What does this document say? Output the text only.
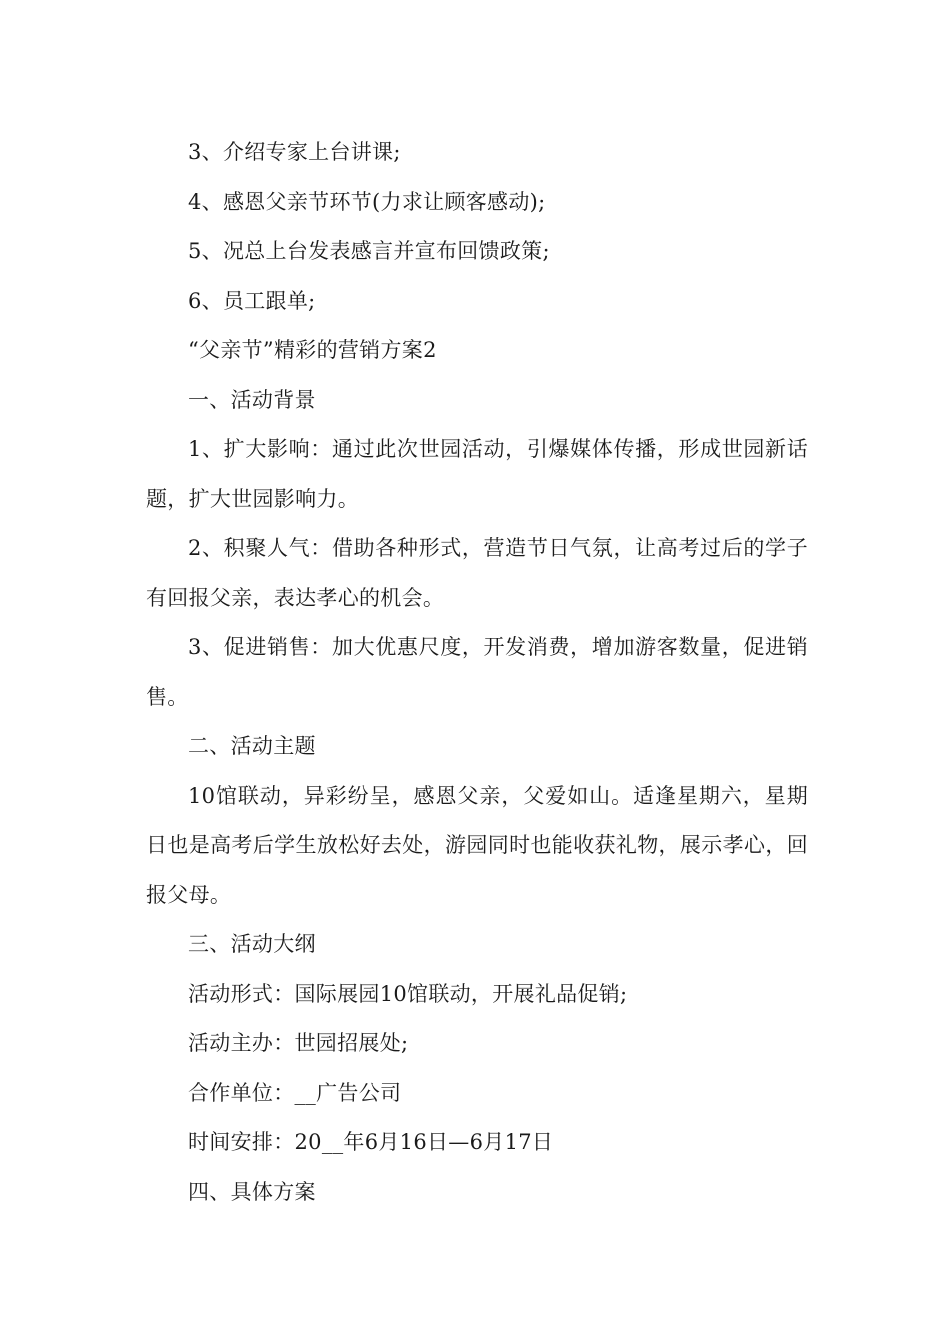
3、介绍专家上台讲课;

4、感恩父亲节环节(力求让顾客感动);

5、况总上台发表感言并宣布回馈政策;

6、员工跟单;

“父亲节”精彩的营销方案2

一、活动背景

1、扩大影响：通过此次世园活动，引爆媒体传播，形成世园新话题，扩大世园影响力。

2、积聚人气：借助各种形式，营造节日气氛，让高考过后的学子有回报父亲，表达孝心的机会。

3、促进销售：加大优惠尺度，开发消费，增加游客数量，促进销售。

二、活动主题

10馆联动，异彩纷呈，感恩父亲，父爱如山。适逢星期六，星期日也是高考后学生放松好去处，游园同时也能收获礼物，展示孝心，回报父母。

三、活动大纲

活动形式：国际展园10馆联动，开展礼品促销;

活动主办：世园招展处;

合作单位：__广告公司

时间安排：20__年6月16日—6月17日

四、具体方案
